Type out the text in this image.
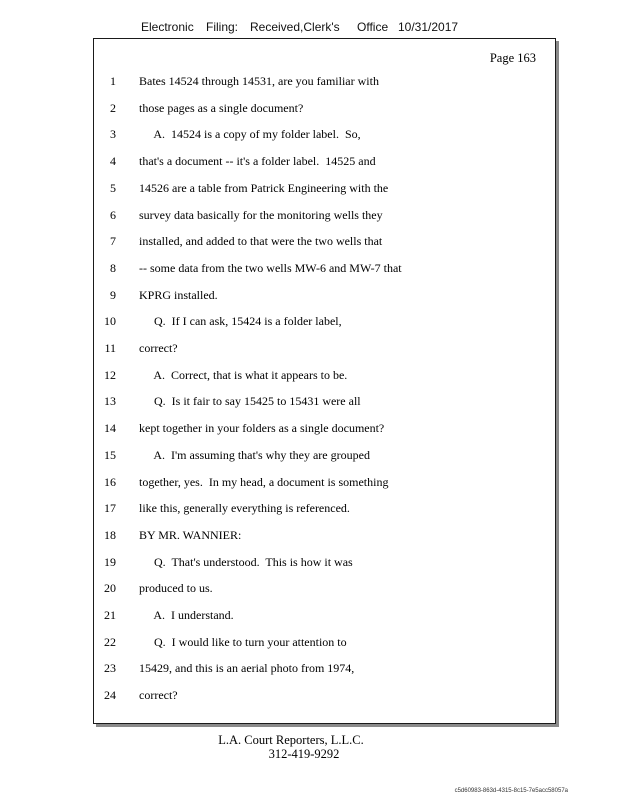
Electronic Filing: Received,Clerk's Office 10/31/2017
Page 163
1 Bates 14524 through 14531, are you familiar with
2 those pages as a single document?
3 A.  14524 is a copy of my folder label.  So,
4 that's a document -- it's a folder label.  14525 and
5 14526 are a table from Patrick Engineering with the
6 survey data basically for the monitoring wells they
7 installed, and added to that were the two wells that
8 -- some data from the two wells MW-6 and MW-7 that
9 KPRG installed.
10 Q.  If I can ask, 15424 is a folder label,
11 correct?
12 A.  Correct, that is what it appears to be.
13 Q.  Is it fair to say 15425 to 15431 were all
14 kept together in your folders as a single document?
15 A.  I'm assuming that's why they are grouped
16 together, yes.  In my head, a document is something
17 like this, generally everything is referenced.
18 BY MR. WANNIER:
19 Q.  That's understood.  This is how it was
20 produced to us.
21 A.  I understand.
22 Q.  I would like to turn your attention to
23 15429, and this is an aerial photo from 1974,
24 correct?
L.A. Court Reporters, L.L.C.
312-419-9292
c5d60983-863d-4315-8c15-7e5acc58057a
